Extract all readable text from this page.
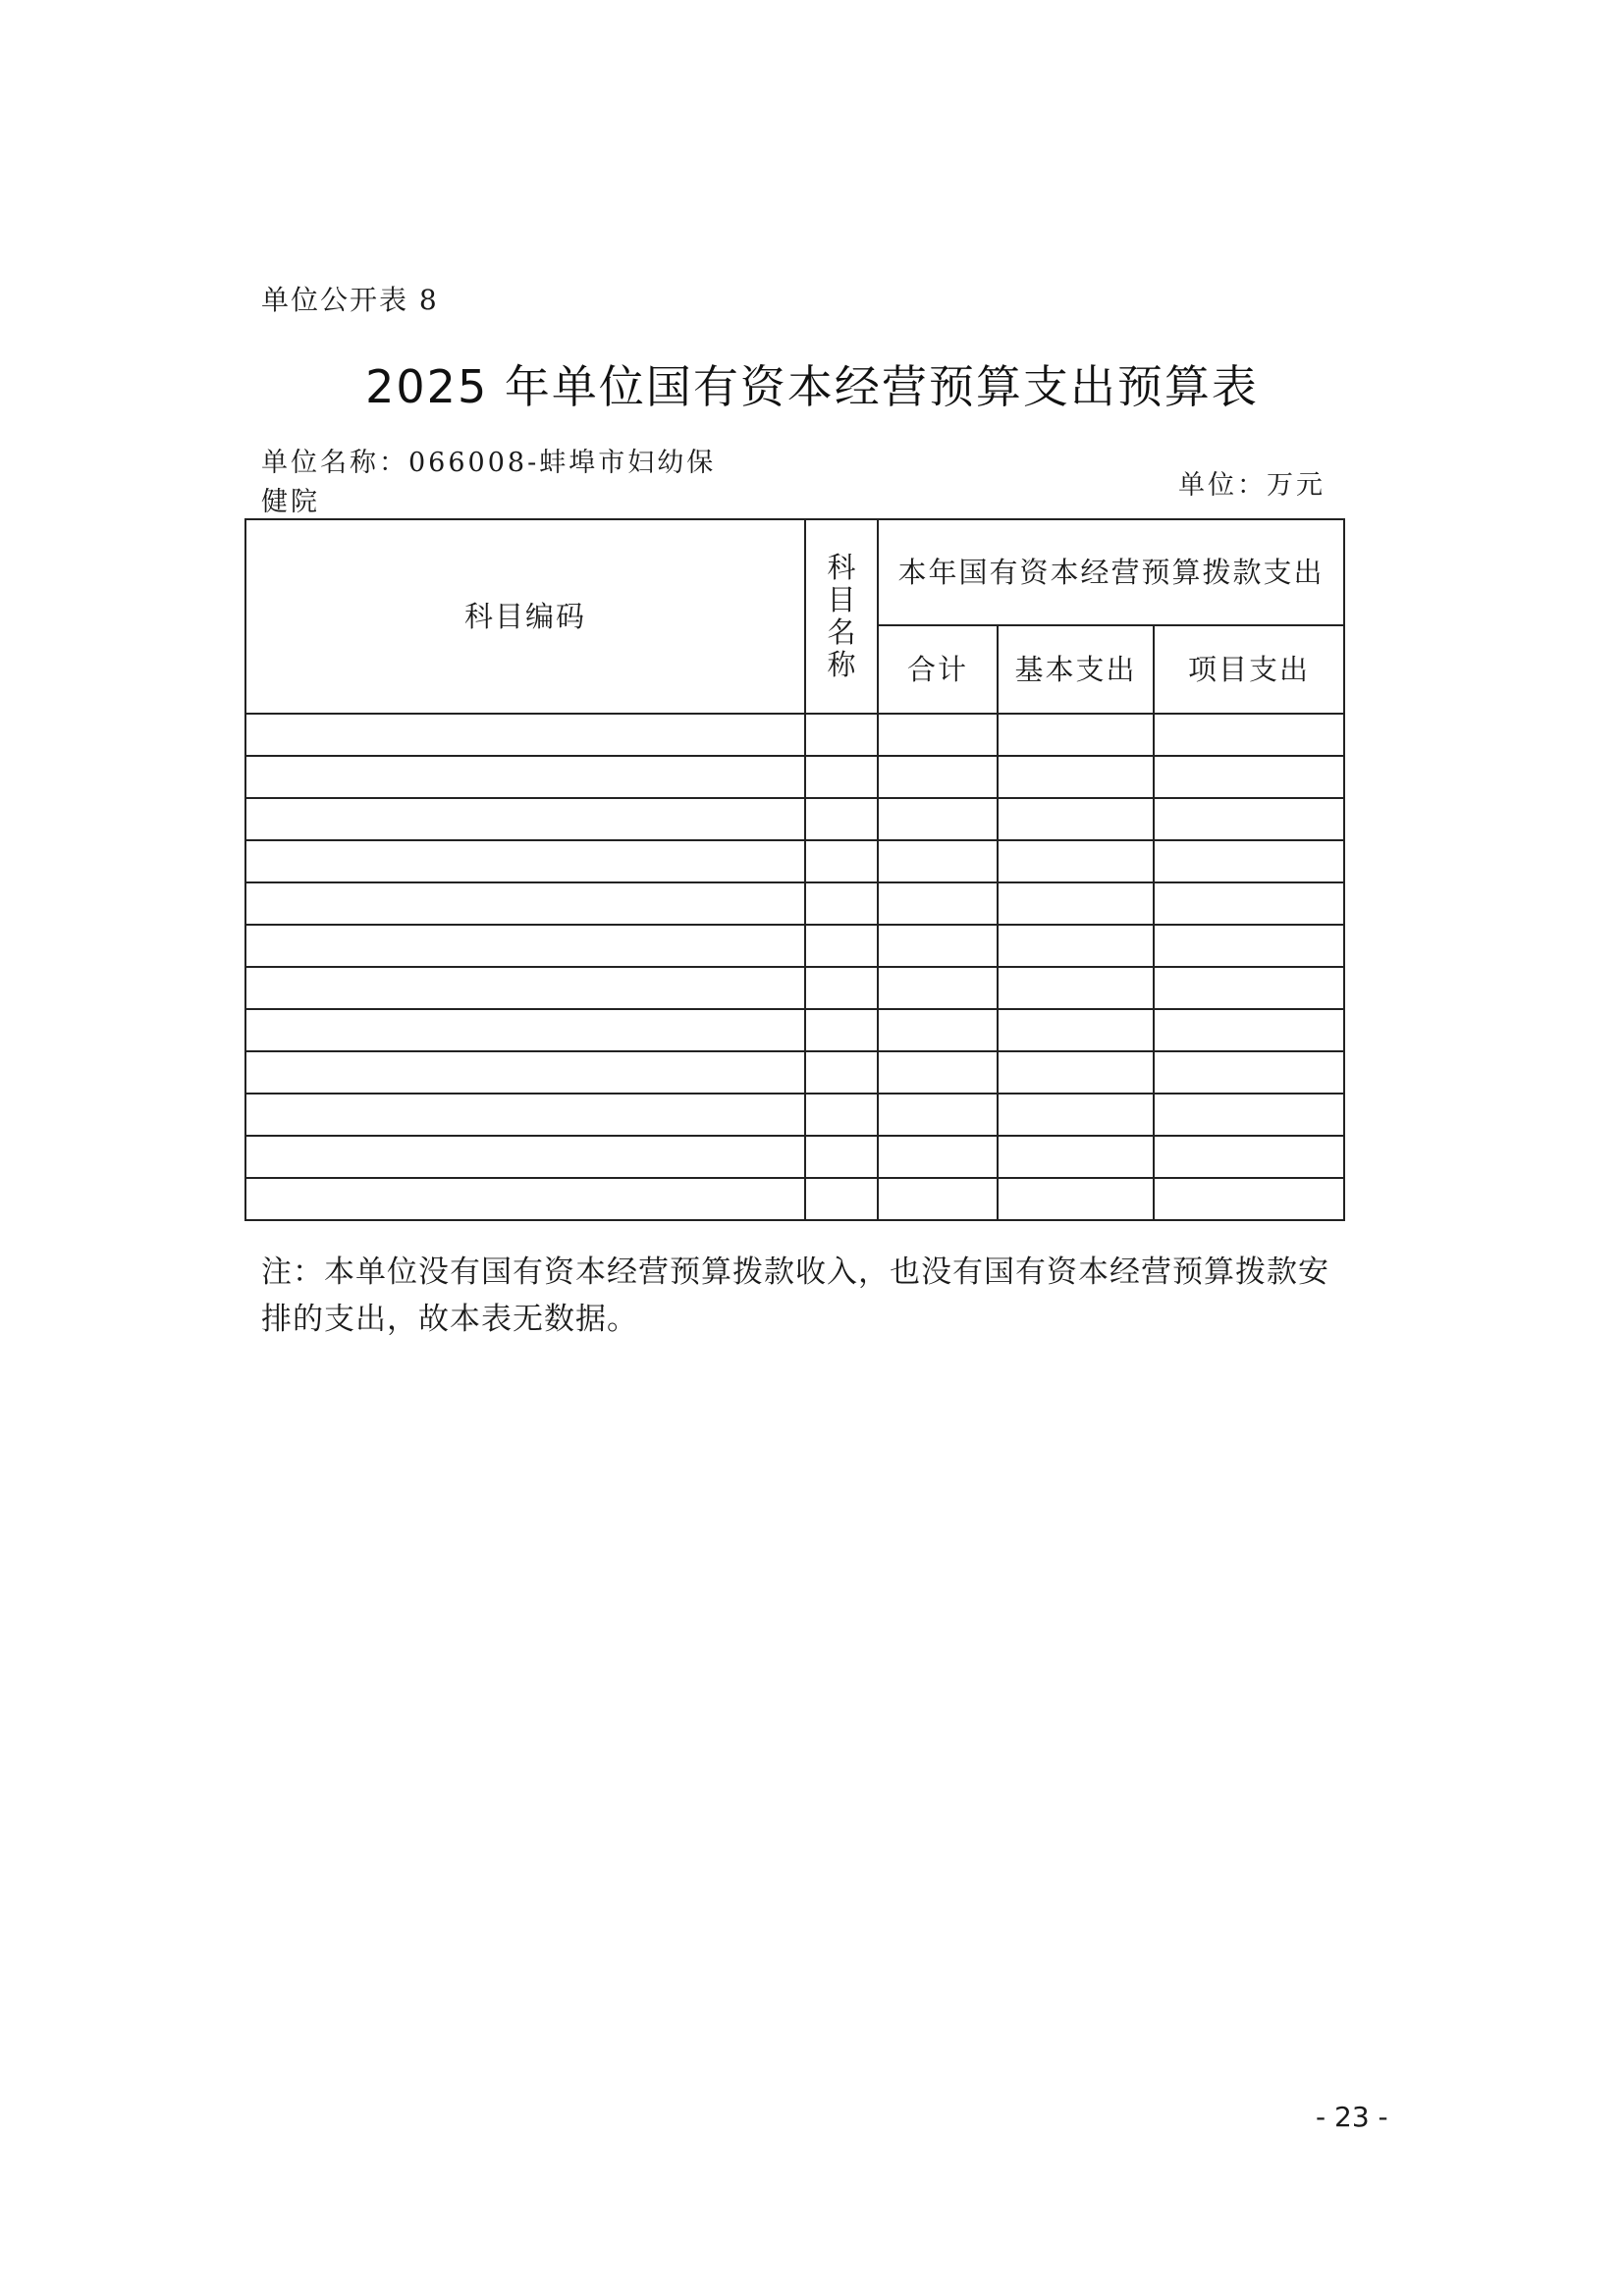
单位公开表 8
2025 年单位国有资本经营预算支出预算表
单位名称：066008-蚌埠市妇幼保健院
单位：万元
科目编码	科目名称	本年国有资本经营预算拨款支出		
		合计	基本支出	项目支出

注：本单位没有国有资本经营预算拨款收入，也没有国有资本经营预算拨款安排的支出，故本表无数据。
- 23 -
